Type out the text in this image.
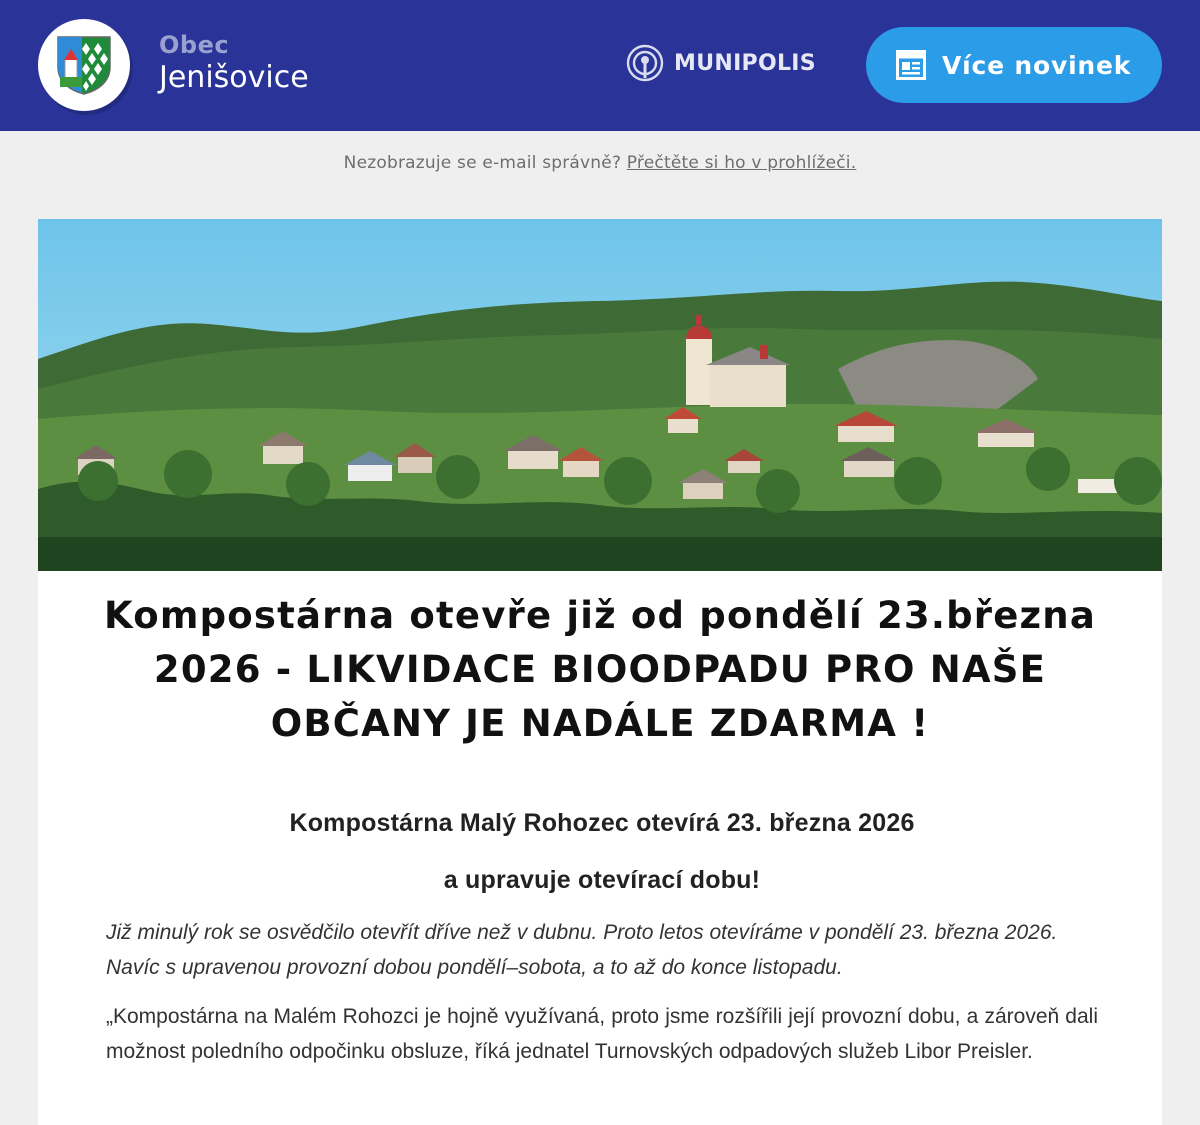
Obec
Jenišovice	MUNIPOLIS	Více novinek
Nezobrazuje se e-mail správně? Přečtěte si ho v prohlížeči.
Kompostárna otevře již od pondělí 23.března 2026 - LIKVIDACE BIOODPADU PRO NAŠE OBČANY JE NADÁLE ZDARMA !
Kompostárna Malý Rohozec otevírá 23. března 2026
a upravuje otevírací dobu!
Již minulý rok se osvědčilo otevřít dříve než v dubnu. Proto letos otevíráme v pondělí 23. března 2026. Navíc s upravenou provozní dobou pondělí–sobota, a to až do konce listopadu.
„Kompostárna na Malém Rohozci je hojně využívaná, proto jsme rozšířili její provozní dobu, a zároveň dali možnost poledního odpočinku obsluze, říká jednatel Turnovských odpadových služeb Libor Preisler.
